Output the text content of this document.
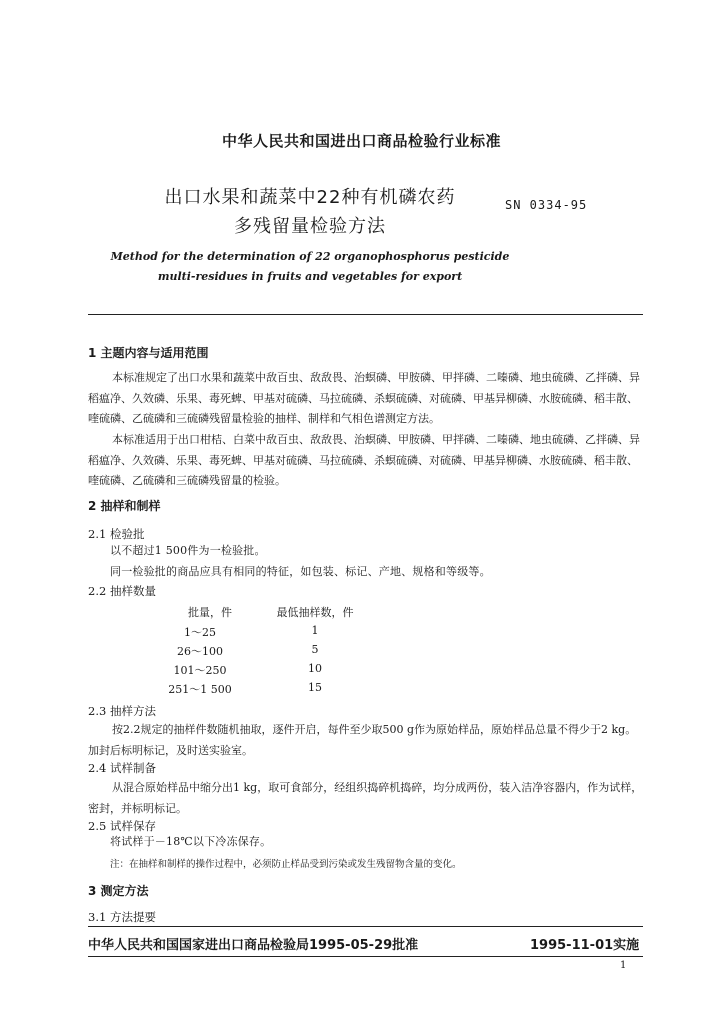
中华人民共和国进出口商品检验行业标准
出口水果和蔬菜中22种有机磷农药
多残留量检验方法
SN 0334-95
Method for the determination of 22 organophosphorus pesticide
multi-residues in fruits and vegetables for export
1 主题内容与适用范围
本标准规定了出口水果和蔬菜中敌百虫、敌敌畏、治螟磷、甲胺磷、甲拌磷、二嗪磷、地虫硫磷、乙拌磷、异稻瘟净、久效磷、乐果、毒死蜱、甲基对硫磷、马拉硫磷、杀螟硫磷、对硫磷、甲基异柳磷、水胺硫磷、稻丰散、喹硫磷、乙硫磷和三硫磷残留量检验的抽样、制样和气相色谱测定方法。
本标准适用于出口柑桔、白菜中敌百虫、敌敌畏、治螟磷、甲胺磷、甲拌磷、二嗪磷、地虫硫磷、乙拌磷、异稻瘟净、久效磷、乐果、毒死蜱、甲基对硫磷、马拉硫磷、杀螟硫磷、对硫磷、甲基异柳磷、水胺硫磷、稻丰散、喹硫磷、乙硫磷和三硫磷残留量的检验。
2 抽样和制样
2.1 检验批
以不超过1 500件为一检验批。
同一检验批的商品应具有相同的特征，如包装、标记、产地、规格和等级等。
2.2 抽样数量
批量，件	最低抽样数，件
1～25	1
26～100	5
101～250	10
251～1 500	15
2.3 抽样方法
按2.2规定的抽样件数随机抽取，逐件开启，每件至少取500 g作为原始样品，原始样品总量不得少于2 kg。加封后标明标记，及时送实验室。
2.4 试样制备
从混合原始样品中缩分出1 kg，取可食部分，经组织捣碎机捣碎，均分成两份，装入洁净容器内，作为试样，密封，并标明标记。
2.5 试样保存
将试样于－18℃以下冷冻保存。
注：在抽样和制样的操作过程中，必须防止样品受到污染或发生残留物含量的变化。
3 测定方法
3.1 方法提要
中华人民共和国国家进出口商品检验局1995-05-29批准	1995-11-01实施
1
